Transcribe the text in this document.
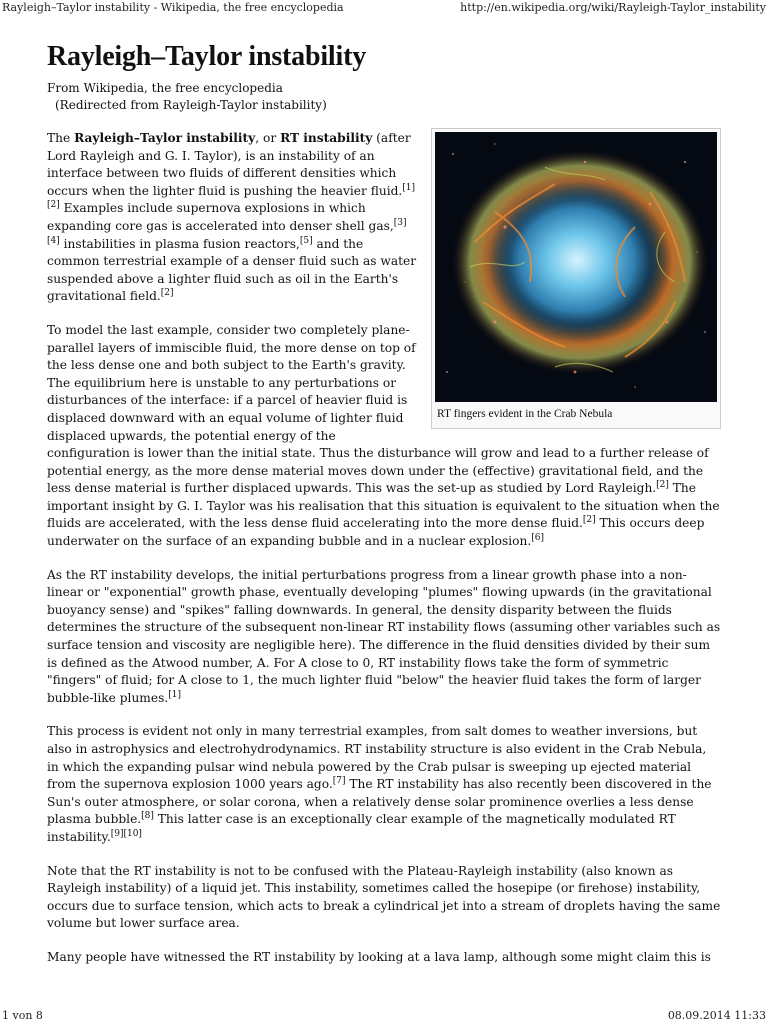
Rayleigh–Taylor instability - Wikipedia, the free encyclopedia	http://en.wikipedia.org/wiki/Rayleigh-Taylor_instability
Rayleigh–Taylor instability

From Wikipedia, the free encyclopedia

(Redirected from Rayleigh-Taylor instability)

RT fingers evident in the Crab Nebula

The Rayleigh–Taylor instability, or RT instability (after Lord Rayleigh and G. I. Taylor), is an instability of an interface between two fluids of different densities which occurs when the lighter fluid is pushing the heavier fluid.[1][2] Examples include supernova explosions in which expanding core gas is accelerated into denser shell gas,[3][4] instabilities in plasma fusion reactors,[5] and the common terrestrial example of a denser fluid such as water suspended above a lighter fluid such as oil in the Earth's gravitational field.[2]

To model the last example, consider two completely plane-parallel layers of immiscible fluid, the more dense on top of the less dense one and both subject to the Earth's gravity. The equilibrium here is unstable to any perturbations or disturbances of the interface: if a parcel of heavier fluid is displaced downward with an equal volume of lighter fluid displaced upwards, the potential energy of the configuration is lower than the initial state. Thus the disturbance will grow and lead to a further release of potential energy, as the more dense material moves down under the (effective) gravitational field, and the less dense material is further displaced upwards. This was the set-up as studied by Lord Rayleigh.[2] The important insight by G. I. Taylor was his realisation that this situation is equivalent to the situation when the fluids are accelerated, with the less dense fluid accelerating into the more dense fluid.[2] This occurs deep underwater on the surface of an expanding bubble and in a nuclear explosion.[6]

As the RT instability develops, the initial perturbations progress from a linear growth phase into a non-linear or "exponential" growth phase, eventually developing "plumes" flowing upwards (in the gravitational buoyancy sense) and "spikes" falling downwards. In general, the density disparity between the fluids determines the structure of the subsequent non-linear RT instability flows (assuming other variables such as surface tension and viscosity are negligible here). The difference in the fluid densities divided by their sum is defined as the Atwood number, A. For A close to 0, RT instability flows take the form of symmetric "fingers" of fluid; for A close to 1, the much lighter fluid "below" the heavier fluid takes the form of larger bubble-like plumes.[1]

This process is evident not only in many terrestrial examples, from salt domes to weather inversions, but also in astrophysics and electrohydrodynamics. RT instability structure is also evident in the Crab Nebula, in which the expanding pulsar wind nebula powered by the Crab pulsar is sweeping up ejected material from the supernova explosion 1000 years ago.[7] The RT instability has also recently been discovered in the Sun's outer atmosphere, or solar corona, when a relatively dense solar prominence overlies a less dense plasma bubble.[8] This latter case is an exceptionally clear example of the magnetically modulated RT instability.[9][10]

Note that the RT instability is not to be confused with the Plateau-Rayleigh instability (also known as Rayleigh instability) of a liquid jet. This instability, sometimes called the hosepipe (or firehose) instability, occurs due to surface tension, which acts to break a cylindrical jet into a stream of droplets having the same volume but lower surface area.

Many people have witnessed the RT instability by looking at a lava lamp, although some might claim this is

1 von 8	08.09.2014 11:33
